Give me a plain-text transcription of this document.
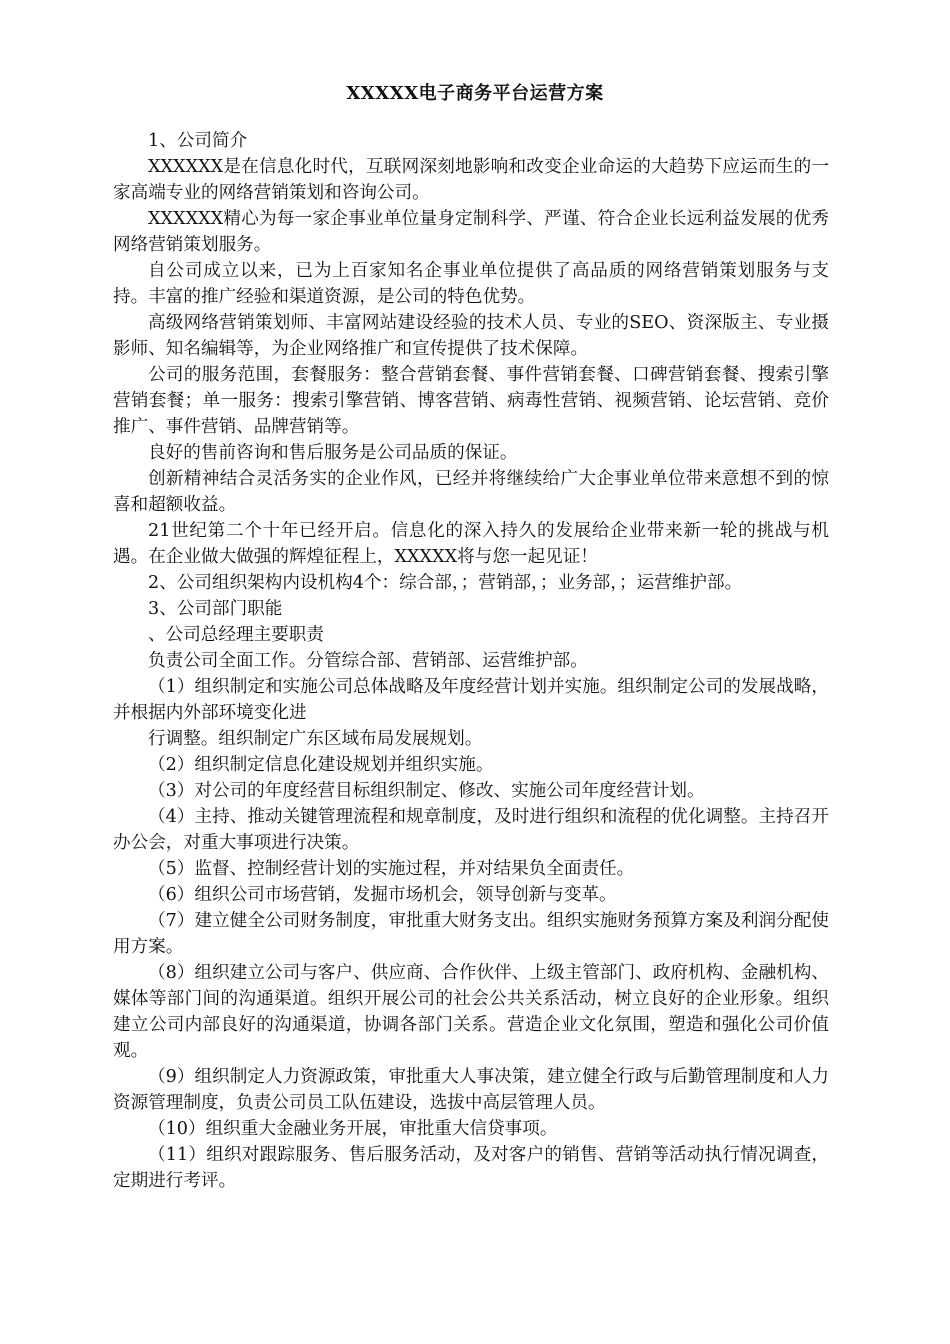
XXXXX电子商务平台运营方案

1、公司简介

XXXXXX是在信息化时代，互联网深刻地影响和改变企业命运的大趋势下应运而生的一家高端专业的网络营销策划和咨询公司。

XXXXXX精心为每一家企事业单位量身定制科学、严谨、符合企业长远利益发展的优秀网络营销策划服务。

自公司成立以来，已为上百家知名企事业单位提供了高品质的网络营销策划服务与支持。丰富的推广经验和渠道资源，是公司的特色优势。

高级网络营销策划师、丰富网站建设经验的技术人员、专业的SEO、资深版主、专业摄影师、知名编辑等，为企业网络推广和宣传提供了技术保障。

公司的服务范围，套餐服务：整合营销套餐、事件营销套餐、口碑营销套餐、搜索引擎营销套餐；单一服务：搜索引擎营销、博客营销、病毒性营销、视频营销、论坛营销、竞价推广、事件营销、品牌营销等。

良好的售前咨询和售后服务是公司品质的保证。

创新精神结合灵活务实的企业作风，已经并将继续给广大企事业单位带来意想不到的惊喜和超额收益。

21世纪第二个十年已经开启。信息化的深入持久的发展给企业带来新一轮的挑战与机遇。在企业做大做强的辉煌征程上，XXXXX将与您一起见证！

2、公司组织架构内设机构4个：综合部，；营销部，；业务部，；运营维护部。

3、公司部门职能

、公司总经理主要职责

负责公司全面工作。分管综合部、营销部、运营维护部。

（1）组织制定和实施公司总体战略及年度经营计划并实施。组织制定公司的发展战略，并根据内外部环境变化进

行调整。组织制定广东区域布局发展规划。

（2）组织制定信息化建设规划并组织实施。

（3）对公司的年度经营目标组织制定、修改、实施公司年度经营计划。

（4）主持、推动关键管理流程和规章制度，及时进行组织和流程的优化调整。主持召开办公会，对重大事项进行决策。

（5）监督、控制经营计划的实施过程，并对结果负全面责任。

（6）组织公司市场营销，发掘市场机会，领导创新与变革。

（7）建立健全公司财务制度，审批重大财务支出。组织实施财务预算方案及利润分配使用方案。

（8）组织建立公司与客户、供应商、合作伙伴、上级主管部门、政府机构、金融机构、媒体等部门间的沟通渠道。组织开展公司的社会公共关系活动，树立良好的企业形象。组织建立公司内部良好的沟通渠道，协调各部门关系。营造企业文化氛围，塑造和强化公司价值观。

（9）组织制定人力资源政策，审批重大人事决策，建立健全行政与后勤管理制度和人力资源管理制度，负责公司员工队伍建设，选拔中高层管理人员。

（10）组织重大金融业务开展，审批重大信贷事项。

（11）组织对跟踪服务、售后服务活动，及对客户的销售、营销等活动执行情况调查，定期进行考评。
